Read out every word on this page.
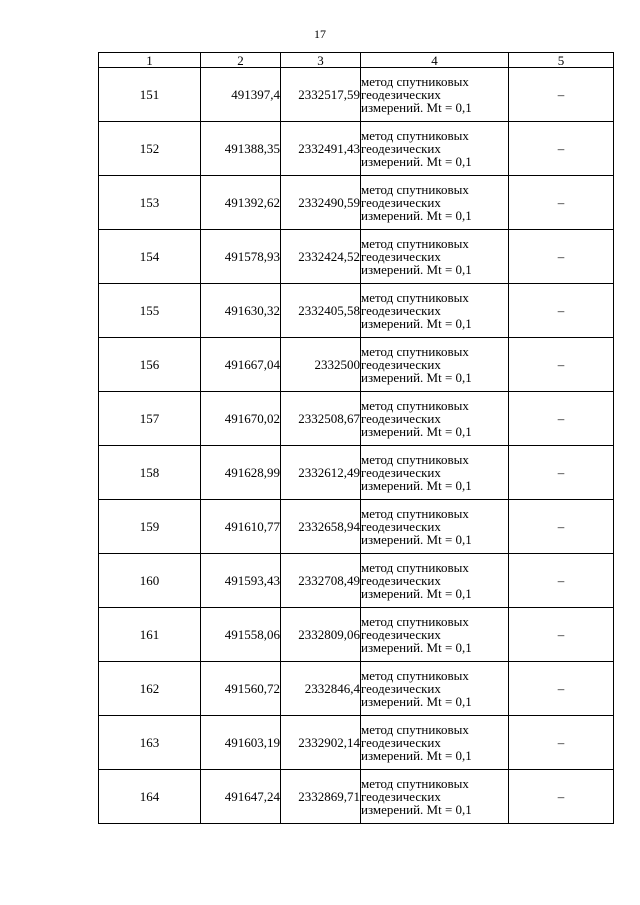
17
1	2	3	4	5
151	491397,4	2332517,59	метод спутниковых
геодезических
измерений. Mt = 0,1	–
152	491388,35	2332491,43	метод спутниковых
геодезических
измерений. Mt = 0,1	–
153	491392,62	2332490,59	метод спутниковых
геодезических
измерений. Mt = 0,1	–
154	491578,93	2332424,52	метод спутниковых
геодезических
измерений. Mt = 0,1	–
155	491630,32	2332405,58	метод спутниковых
геодезических
измерений. Mt = 0,1	–
156	491667,04	2332500	метод спутниковых
геодезических
измерений. Mt = 0,1	–
157	491670,02	2332508,67	метод спутниковых
геодезических
измерений. Mt = 0,1	–
158	491628,99	2332612,49	метод спутниковых
геодезических
измерений. Mt = 0,1	–
159	491610,77	2332658,94	метод спутниковых
геодезических
измерений. Mt = 0,1	–
160	491593,43	2332708,49	метод спутниковых
геодезических
измерений. Mt = 0,1	–
161	491558,06	2332809,06	метод спутниковых
геодезических
измерений. Mt = 0,1	–
162	491560,72	2332846,4	метод спутниковых
геодезических
измерений. Mt = 0,1	–
163	491603,19	2332902,14	метод спутниковых
геодезических
измерений. Mt = 0,1	–
164	491647,24	2332869,71	метод спутниковых
геодезических
измерений. Mt = 0,1	–
